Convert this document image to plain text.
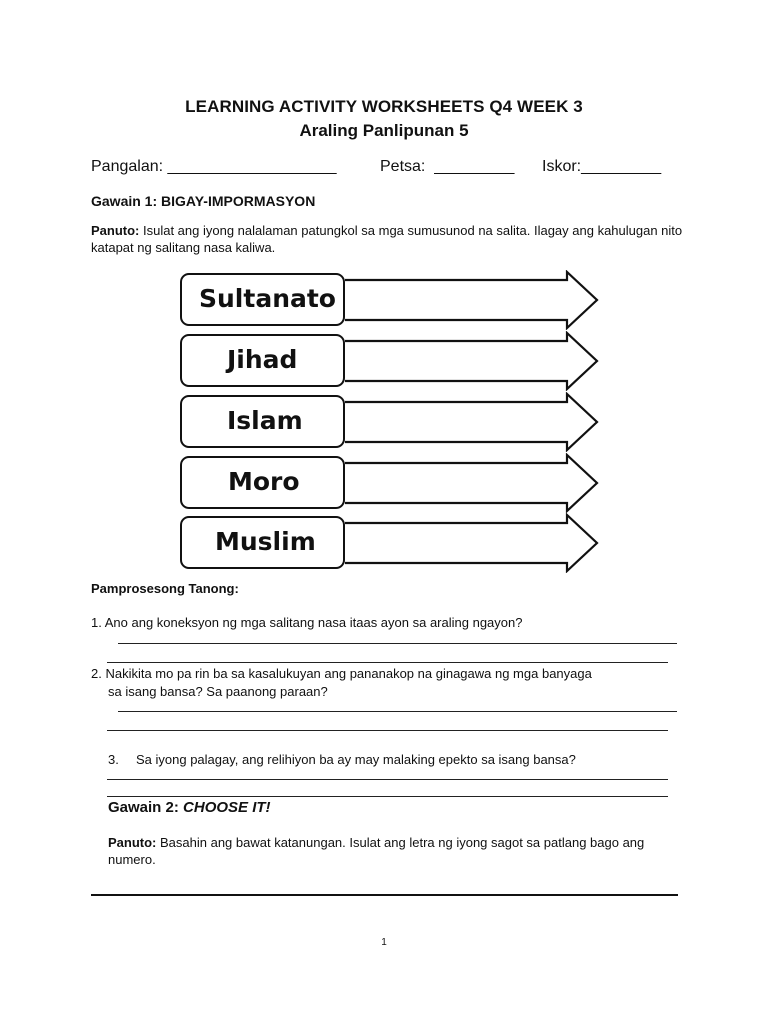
LEARNING ACTIVITY WORKSHEETS Q4 WEEK 3
Araling Panlipunan 5
Pangalan: ___________________	Petsa:  _________ Iskor:_________
Gawain 1: BIGAY-IMPORMASYON
Panuto: Isulat ang iyong nalalaman patungkol sa mga sumusunod na salita. Ilagay ang kahulugan nito katapat ng salitang nasa kaliwa.
Sultanato
Jihad
Islam
Moro
Muslim
Pamprosesong Tanong:
1. Ano ang koneksyon ng mga salitang nasa itaas ayon sa araling ngayon?
2. Nakikita mo pa rin ba sa kasalukuyan ang pananakop na ginagawa ng mga banyaga
sa isang bansa? Sa paanong paraan?
3. Sa iyong palagay, ang relihiyon ba ay may malaking epekto sa isang bansa?
Gawain 2: CHOOSE IT!
Panuto: Basahin ang bawat katanungan. Isulat ang letra ng iyong sagot sa patlang bago ang numero.
1
